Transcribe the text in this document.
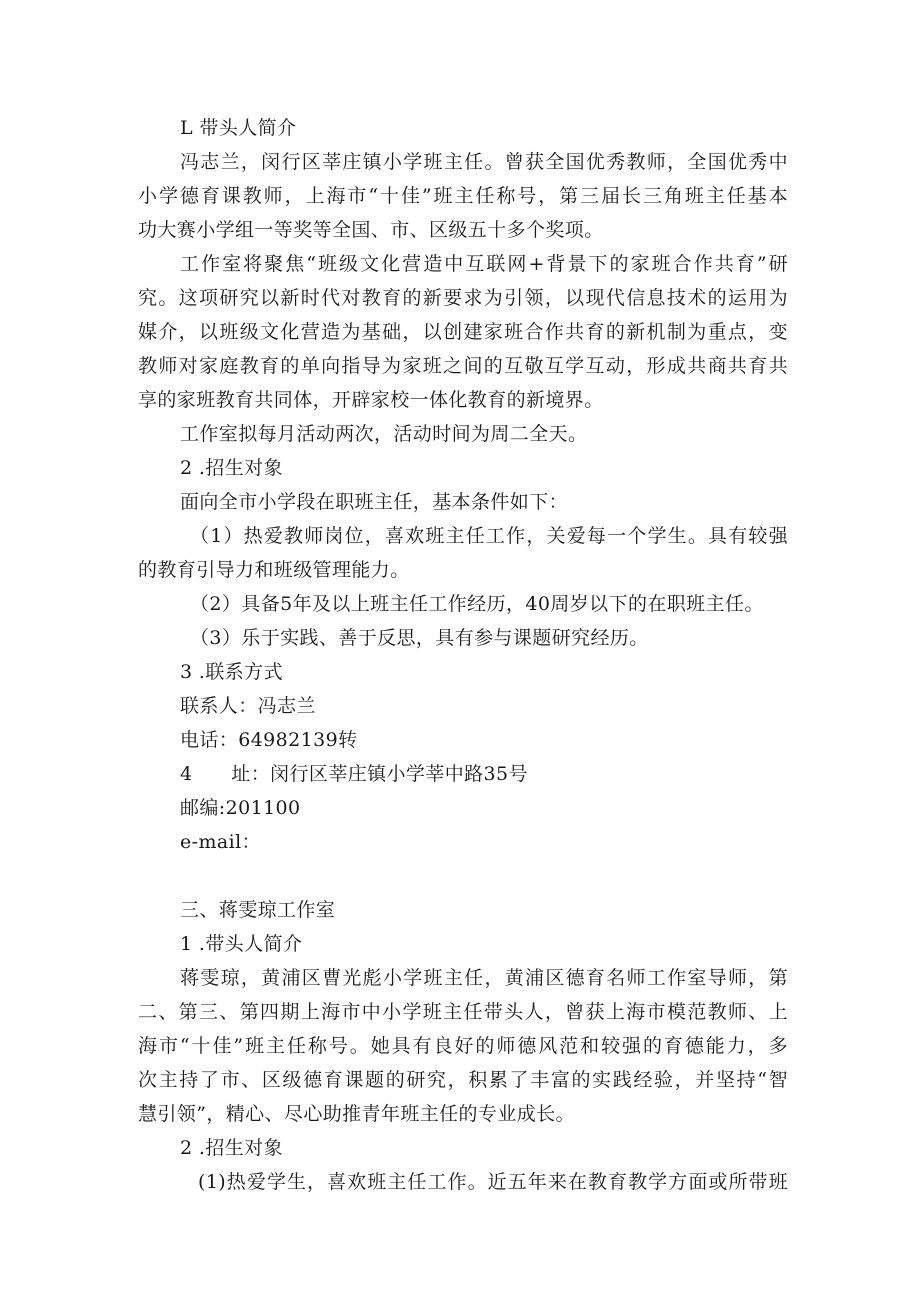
L 带头人简介
冯志兰，闵行区莘庄镇小学班主任。曾获全国优秀教师，全国优秀中
小学德育课教师，上海市“十佳”班主任称号，第三届长三角班主任基本
功大赛小学组一等奖等全国、市、区级五十多个奖项。
工作室将聚焦“班级文化营造中互联网+背景下的家班合作共育”研
究。这项研究以新时代对教育的新要求为引领，以现代信息技术的运用为
媒介，以班级文化营造为基础，以创建家班合作共育的新机制为重点，变
教师对家庭教育的单向指导为家班之间的互敬互学互动，形成共商共育共
享的家班教育共同体，开辟家校一体化教育的新境界。
工作室拟每月活动两次，活动时间为周二全天。
2 .招生对象
面向全市小学段在职班主任，基本条件如下：
（1）热爱教师岗位，喜欢班主任工作，关爱每一个学生。具有较强
的教育引导力和班级管理能力。
（2）具备5年及以上班主任工作经历，40周岁以下的在职班主任。
（3）乐于实践、善于反思，具有参与课题研究经历。
3 .联系方式
联系人：冯志兰
电话：64982139转
4　　址：闵行区莘庄镇小学莘中路35号
邮编:201100
e-mail：
三、蒋雯琼工作室
1 .带头人简介
蒋雯琼，黄浦区曹光彪小学班主任，黄浦区德育名师工作室导师，第
二、第三、第四期上海市中小学班主任带头人，曾获上海市模范教师、上
海市“十佳”班主任称号。她具有良好的师德风范和较强的育德能力，多
次主持了市、区级德育课题的研究，积累了丰富的实践经验，并坚持“智
慧引领”，精心、尽心助推青年班主任的专业成长。
2 .招生对象
(1)热爱学生，喜欢班主任工作。近五年来在教育教学方面或所带班
